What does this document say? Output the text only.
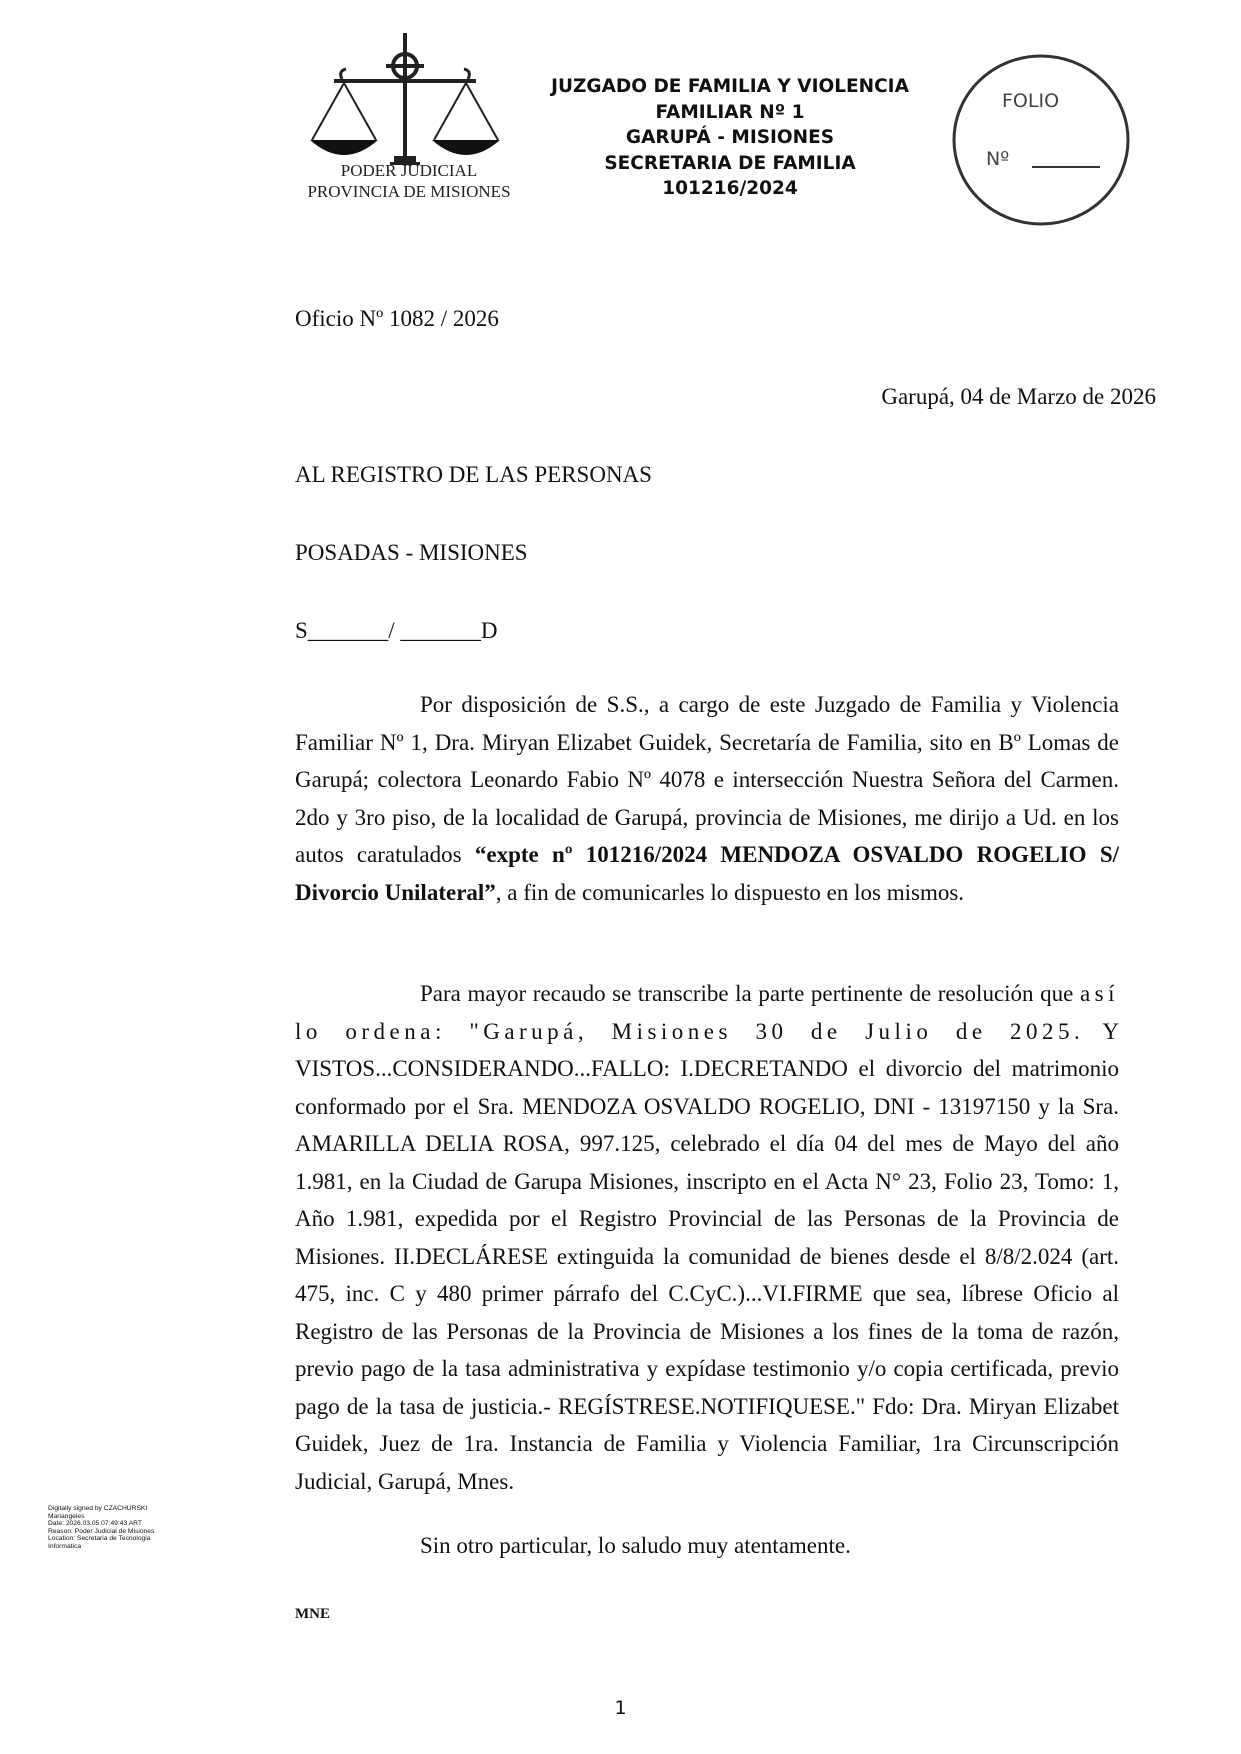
PODER JUDICIAL
PROVINCIA DE MISIONES
JUZGADO DE FAMILIA Y VIOLENCIA
FAMILIAR Nº 1
GARUPÁ - MISIONES
SECRETARIA DE FAMILIA
101216/2024
FOLIO
Nº
Oficio Nº 1082 / 2026
Garupá, 04 de Marzo de 2026
AL REGISTRO DE LAS PERSONAS
POSADAS - MISIONES
S_______/ _______D
Por disposición de S.S., a cargo de este Juzgado de Familia y Violencia Familiar Nº 1, Dra. Miryan Elizabet Guidek, Secretaría de Familia, sito en Bº Lomas de Garupá; colectora Leonardo Fabio Nº 4078 e intersección Nuestra Señora del Carmen. 2do y 3ro piso, de la localidad de Garupá, provincia de Misiones, me dirijo a Ud. en los autos caratulados “expte nº 101216/2024 MENDOZA OSVALDO ROGELIO S/ Divorcio Unilateral”, a fin de comunicarles lo dispuesto en los mismos.
Para mayor recaudo se transcribe la parte pertinente de resolución que así lo ordena: "Garupá, Misiones 30 de Julio de 2025. Y VISTOS...CONSIDERANDO...FALLO: I.DECRETANDO el divorcio del matrimonio conformado por el Sra. MENDOZA OSVALDO ROGELIO, DNI - 13197150 y la Sra. AMARILLA DELIA ROSA, 997.125, celebrado el día 04 del mes de Mayo del año 1.981, en la Ciudad de Garupa Misiones, inscripto en el Acta N° 23, Folio 23, Tomo: 1, Año 1.981, expedida por el Registro Provincial de las Personas de la Provincia de Misiones. II.DECLÁRESE extinguida la comunidad de bienes desde el 8/8/2.024 (art. 475, inc. C y 480 primer párrafo del C.CyC.)...VI.FIRME que sea, líbrese Oficio al Registro de las Personas de la Provincia de Misiones a los fines de la toma de razón, previo pago de la tasa administrativa y expídase testimonio y/o copia certificada, previo pago de la tasa de justicia.- REGÍSTRESE.NOTIFIQUESE." Fdo: Dra. Miryan Elizabet Guidek, Juez de 1ra. Instancia de Familia y Violencia Familiar, 1ra Circunscripción Judicial, Garupá, Mnes.
Sin otro particular, lo saludo muy atentamente.
MNE
Digitally signed by CZACHURSKI
Mariangeles
Date: 2026.03.05 07:49:43 ART
Reason: Poder Judicial de Misiones
Location: Secretaria de Tecnologia
Informatica
1
